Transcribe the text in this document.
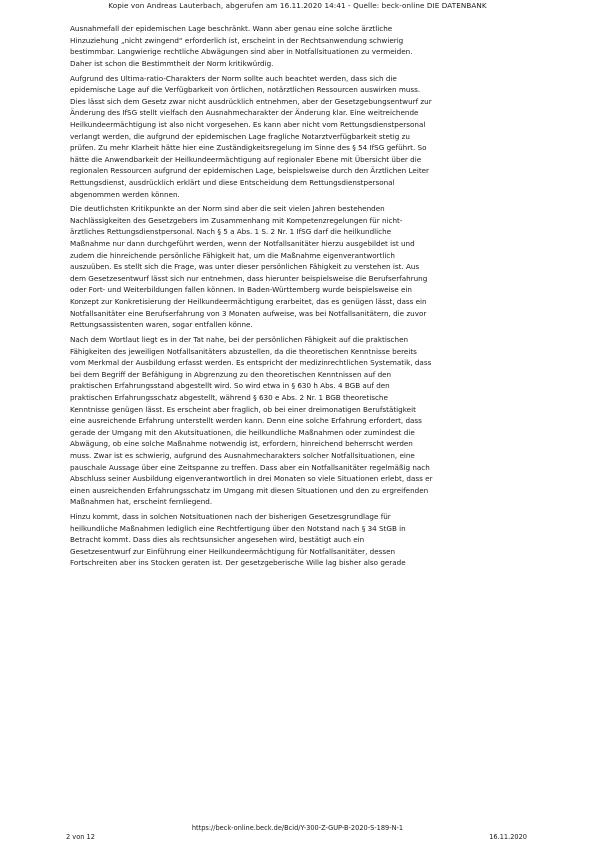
Kopie von Andreas Lauterbach, abgerufen am 16.11.2020 14:41 - Quelle: beck-online DIE DATENBANK

Ausnahmefall der epidemischen Lage beschränkt. Wann aber genau eine solche ärztliche
Hinzuziehung „nicht zwingend“ erforderlich ist, erscheint in der Rechtsanwendung schwierig
bestimmbar. Langwierige rechtliche Abwägungen sind aber in Notfallsituationen zu vermeiden.
Daher ist schon die Bestimmtheit der Norm kritikwürdig.

Aufgrund des Ultima-ratio-Charakters der Norm sollte auch beachtet werden, dass sich die
epidemische Lage auf die Verfügbarkeit von örtlichen, notärztlichen Ressourcen auswirken muss.
Dies lässt sich dem Gesetz zwar nicht ausdrücklich entnehmen, aber der Gesetzgebungsentwurf zur
Änderung des IfSG stellt vielfach den Ausnahmecharakter der Änderung klar. Eine weitreichende
Heilkundeermächtigung ist also nicht vorgesehen. Es kann aber nicht vom Rettungsdienstpersonal
verlangt werden, die aufgrund der epidemischen Lage fragliche Notarztverfügbarkeit stetig zu
prüfen. Zu mehr Klarheit hätte hier eine Zuständigkeitsregelung im Sinne des § 54 IfSG geführt. So
hätte die Anwendbarkeit der Heilkundeermächtigung auf regionaler Ebene mit Übersicht über die
regionalen Ressourcen aufgrund der epidemischen Lage, beispielsweise durch den Ärztlichen Leiter
Rettungsdienst, ausdrücklich erklärt und diese Entscheidung dem Rettungsdienstpersonal
abgenommen werden können.

Die deutlichsten Kritikpunkte an der Norm sind aber die seit vielen Jahren bestehenden
Nachlässigkeiten des Gesetzgebers im Zusammenhang mit Kompetenzregelungen für nicht-
ärztliches Rettungsdienstpersonal. Nach § 5 a Abs. 1 S. 2 Nr. 1 IfSG darf die heilkundliche
Maßnahme nur dann durchgeführt werden, wenn der Notfallsanitäter hierzu ausgebildet ist und
zudem die hinreichende persönliche Fähigkeit hat, um die Maßnahme eigenverantwortlich
auszuüben. Es stellt sich die Frage, was unter dieser persönlichen Fähigkeit zu verstehen ist. Aus
dem Gesetzesentwurf lässt sich nur entnehmen, dass hierunter beispielsweise die Berufserfahrung
oder Fort- und Weiterbildungen fallen können. In Baden-Württemberg wurde beispielsweise ein
Konzept zur Konkretisierung der Heilkundeermächtigung erarbeitet, das es genügen lässt, dass ein
Notfallsanitäter eine Berufserfahrung von 3 Monaten aufweise, was bei Notfallsanitätern, die zuvor
Rettungsassistenten waren, sogar entfallen könne.

Nach dem Wortlaut liegt es in der Tat nahe, bei der persönlichen Fähigkeit auf die praktischen
Fähigkeiten des jeweiligen Notfallsanitäters abzustellen, da die theoretischen Kenntnisse bereits
vom Merkmal der Ausbildung erfasst werden. Es entspricht der medizinrechtlichen Systematik, dass
bei dem Begriff der Befähigung in Abgrenzung zu den theoretischen Kenntnissen auf den
praktischen Erfahrungsstand abgestellt wird. So wird etwa in § 630 h Abs. 4 BGB auf den
praktischen Erfahrungsschatz abgestellt, während § 630 e Abs. 2 Nr. 1 BGB theoretische
Kenntnisse genügen lässt. Es erscheint aber fraglich, ob bei einer dreimonatigen Berufstätigkeit
eine ausreichende Erfahrung unterstellt werden kann. Denn eine solche Erfahrung erfordert, dass
gerade der Umgang mit den Akutsituationen, die heilkundliche Maßnahmen oder zumindest die
Abwägung, ob eine solche Maßnahme notwendig ist, erfordern, hinreichend beherrscht werden
muss. Zwar ist es schwierig, aufgrund des Ausnahmecharakters solcher Notfallsituationen, eine
pauschale Aussage über eine Zeitspanne zu treffen. Dass aber ein Notfallsanitäter regelmäßig nach
Abschluss seiner Ausbildung eigenverantwortlich in drei Monaten so viele Situationen erlebt, dass er
einen ausreichenden Erfahrungsschatz im Umgang mit diesen Situationen und den zu ergreifenden
Maßnahmen hat, erscheint fernliegend.

Hinzu kommt, dass in solchen Notsituationen nach der bisherigen Gesetzesgrundlage für
heilkundliche Maßnahmen lediglich eine Rechtfertigung über den Notstand nach § 34 StGB in
Betracht kommt. Dass dies als rechtsunsicher angesehen wird, bestätigt auch ein
Gesetzesentwurf zur Einführung einer Heilkundeermächtigung für Notfallsanitäter, dessen
Fortschreiten aber ins Stocken geraten ist. Der gesetzgeberische Wille lag bisher also gerade

https://beck-online.beck.de/Bcid/Y-300-Z-GUP-B-2020-S-189-N-1
2 von 12	16.11.2020
